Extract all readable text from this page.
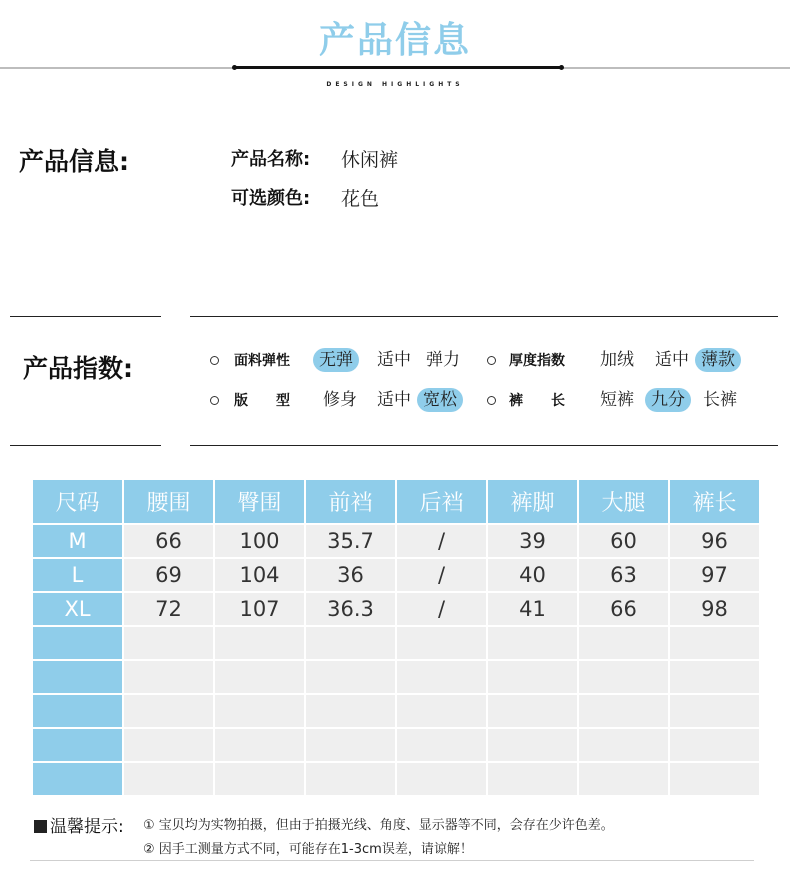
产品信息
DESIGN HIGHLIGHTS
产品信息:	产品名称: 休闲裤
可选颜色: 花色
产品指数:	面料弹性	无弹	适中 弹力	厚度指数	加绒	适中 薄款
版　　型	修身	适中 宽松	裤　　长	短裤	九分	长裤
尺码	腰围	臀围	前裆	后裆	裤脚	大腿	裤长
M	66	100	35.7	/	39	60	96
L	69	104	36	/	40	63	97
XL	72	107	36.3	/	41	66	98

温馨提示: ① 宝贝均为实物拍摄，但由于拍摄光线、角度、显示器等不同，会存在少许色差。
② 因手工测量方式不同，可能存在1-3cm误差，请谅解！
